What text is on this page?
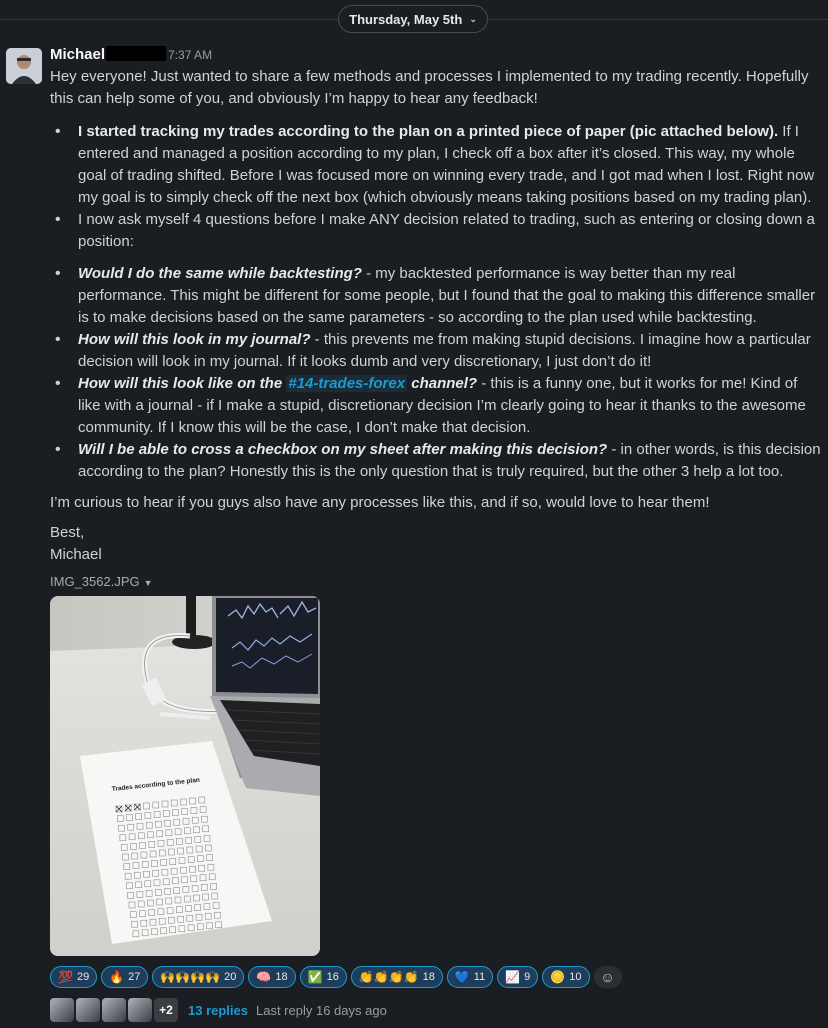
Thursday, May 5th ⌄
Michael	7:37 AM
Hey everyone! Just wanted to share a few methods and processes I implemented to my trading recently. Hopefully this can help some of you, and obviously I’m happy to hear any feedback!
• I started tracking my trades according to the plan on a printed piece of paper (pic attached below). If I entered and managed a position according to my plan, I check off a box after it’s closed. This way, my whole goal of trading shifted. Before I was focused more on winning every trade, and I got mad when I lost. Right now my goal is to simply check off the next box (which obviously means taking positions based on my trading plan).
• I now ask myself 4 questions before I make ANY decision related to trading, such as entering or closing down a position:
• Would I do the same while backtesting? - my backtested performance is way better than my real performance. This might be different for some people, but I found that the goal to making this difference smaller is to make decisions based on the same parameters - so according to the plan used while backtesting.
• How will this look in my journal? - this prevents me from making stupid decisions. I imagine how a particular decision will look in my journal. If it looks dumb and very discretionary, I just don’t do it!
• How will this look like on the #14-trades-forex channel? - this is a funny one, but it works for me! Kind of like with a journal - if I make a stupid, discretionary decision I’m clearly going to hear it thanks to the awesome community. If I know this will be the case, I don’t make that decision.
• Will I be able to cross a checkbox on my sheet after making this decision? - in other words, is this decision according to the plan? Honestly this is the only question that is truly required, but the other 3 help a lot too.
I’m curious to hear if you guys also have any processes like this, and if so, would love to hear them!
Best,
Michael
IMG_3562.JPG ▼
Trades according to the plan
💯 29 🔥 27 🙌🙌🙌🙌 20 🧠 18 ✅ 16 👏👏👏👏 18 💙 11 📈 9 🪙 10	☺
+2	13 replies Last reply 16 days ago
